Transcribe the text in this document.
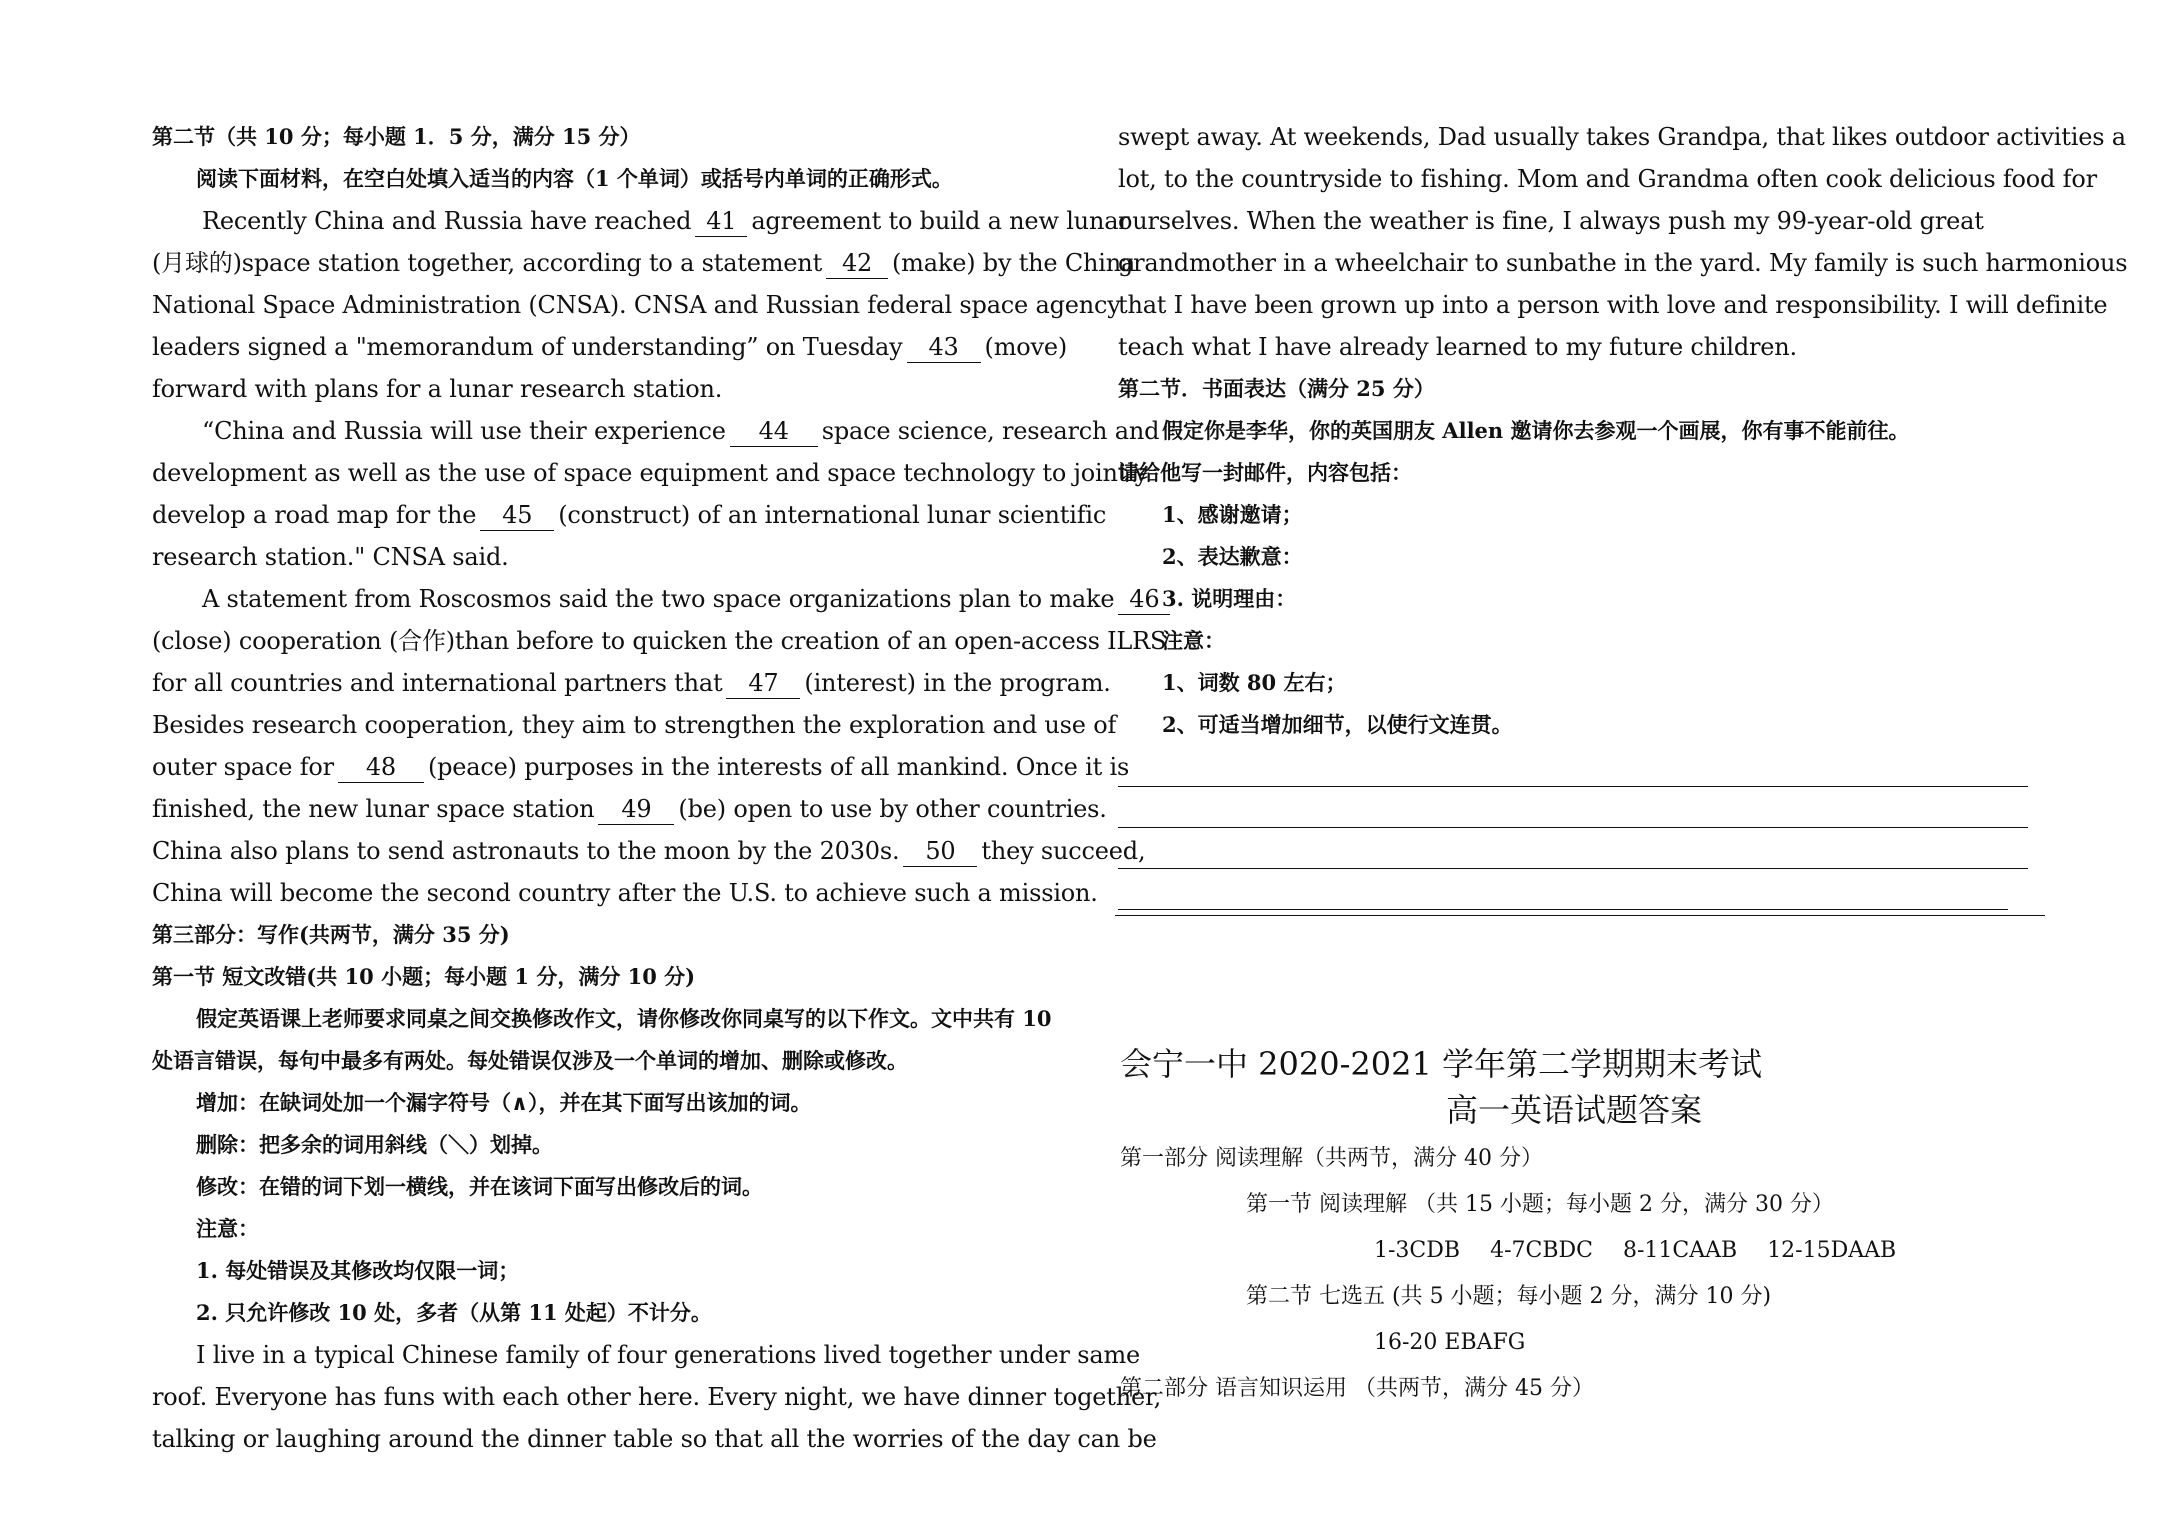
第二节（共 10 分；每小题 1．5 分，满分 15 分）
阅读下面材料，在空白处填入适当的内容（1 个单词）或括号内单词的正确形式。
Recently China and Russia have reached 41 agreement to build a new lunar
(月球的)space station together, according to a statement 42 (make) by the China
National Space Administration (CNSA). CNSA and Russian federal space agency
leaders signed a "memorandum of understanding” on Tuesday 43 (move)
forward with plans for a lunar research station.
“China and Russia will use their experience 44 space science, research and
development as well as the use of space equipment and space technology to jointly
develop a road map for the 45 (construct) of an international lunar scientific
research station." CNSA said.
A statement from Roscosmos said the two space organizations plan to make 46
(close) cooperation (合作)than before to quicken the creation of an open-access ILRS
for all countries and international partners that 47 (interest) in the program.
Besides research cooperation, they aim to strengthen the exploration and use of
outer space for 48 (peace) purposes in the interests of all mankind. Once it is
finished, the new lunar space station 49 (be) open to use by other countries.
China also plans to send astronauts to the moon by the 2030s. 50 they succeed,
China will become the second country after the U.S. to achieve such a mission.
第三部分：写作(共两节，满分 35 分)
第一节 短文改错(共 10 小题；每小题 1 分，满分 10 分)
假定英语课上老师要求同桌之间交换修改作文，请你修改你同桌写的以下作文。文中共有 10
处语言错误，每句中最多有两处。每处错误仅涉及一个单词的增加、删除或修改。
增加：在缺词处加一个漏字符号（∧），并在其下面写出该加的词。
删除：把多余的词用斜线（＼）划掉。
修改：在错的词下划一横线，并在该词下面写出修改后的词。
注意：
1. 每处错误及其修改均仅限一词；
2. 只允许修改 10 处，多者（从第 11 处起）不计分。
I live in a typical Chinese family of four generations lived together under same
roof. Everyone has funs with each other here. Every night, we have dinner together,
talking or laughing around the dinner table so that all the worries of the day can be
swept away. At weekends, Dad usually takes Grandpa, that likes outdoor activities a
lot, to the countryside to fishing. Mom and Grandma often cook delicious food for
ourselves. When the weather is fine, I always push my 99-year-old great
grandmother in a wheelchair to sunbathe in the yard. My family is such harmonious
that I have been grown up into a person with love and responsibility. I will definite
teach what I have already learned to my future children.
第二节．书面表达（满分 25 分）
假定你是李华，你的英国朋友 Allen 邀请你去参观一个画展，你有事不能前往。
请给他写一封邮件，内容包括：
1、感谢邀请；
2、表达歉意：
3. 说明理由：
注意：
1、词数 80 左右；
2、可适当增加细节，以使行文连贯。
会宁一中 2020-2021 学年第二学期期末考试
高一英语试题答案
第一部分 阅读理解（共两节，满分 40 分）
第一节 阅读理解 （共 15 小题；每小题 2 分，满分 30 分）
1-3CDB 4-7CBDC 8-11CAAB 12-15DAAB
第二节 七选五 (共 5 小题；每小题 2 分，满分 10 分)
16-20 EBAFG
第二部分 语言知识运用 （共两节，满分 45 分）
